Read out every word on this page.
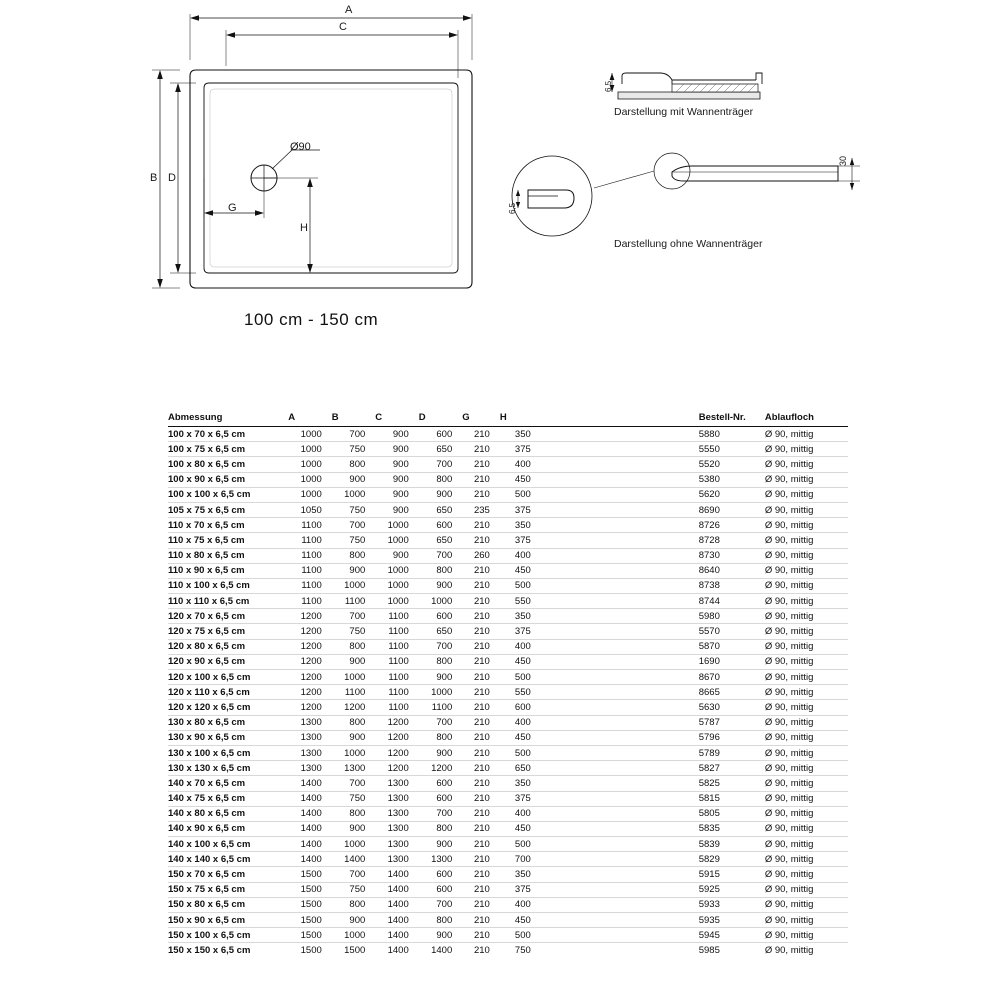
A
C
B D
G
H
Ø90
30
6,5
6,5
Darstellung mit Wannenträger
Darstellung ohne Wannenträger
100 cm - 150 cm
Abmessung	A	B	C	D	G	H		Bestell-Nr.	Ablaufloch
100 x 70 x 6,5 cm	1000	700	900	600	210	350		5880	Ø 90, mittig
100 x 75 x 6,5 cm	1000	750	900	650	210	375		5550	Ø 90, mittig
100 x 80 x 6,5 cm	1000	800	900	700	210	400		5520	Ø 90, mittig
100 x 90 x 6,5 cm	1000	900	900	800	210	450		5380	Ø 90, mittig
100 x 100 x 6,5 cm	1000	1000	900	900	210	500		5620	Ø 90, mittig
105 x 75 x 6,5 cm	1050	750	900	650	235	375		8690	Ø 90, mittig
110 x 70 x 6,5 cm	1100	700	1000	600	210	350		8726	Ø 90, mittig
110 x 75 x 6,5 cm	1100	750	1000	650	210	375		8728	Ø 90, mittig
110 x 80 x 6,5 cm	1100	800	900	700	260	400		8730	Ø 90, mittig
110 x 90 x 6,5 cm	1100	900	1000	800	210	450		8640	Ø 90, mittig
110 x 100 x 6,5 cm	1100	1000	1000	900	210	500		8738	Ø 90, mittig
110 x 110 x 6,5 cm	1100	1100	1000	1000	210	550		8744	Ø 90, mittig
120 x 70 x 6,5 cm	1200	700	1100	600	210	350		5980	Ø 90, mittig
120 x 75 x 6,5 cm	1200	750	1100	650	210	375		5570	Ø 90, mittig
120 x 80 x 6,5 cm	1200	800	1100	700	210	400		5870	Ø 90, mittig
120 x 90 x 6,5 cm	1200	900	1100	800	210	450		1690	Ø 90, mittig
120 x 100 x 6,5 cm	1200	1000	1100	900	210	500		8670	Ø 90, mittig
120 x 110 x 6,5 cm	1200	1100	1100	1000	210	550		8665	Ø 90, mittig
120 x 120 x 6,5 cm	1200	1200	1100	1100	210	600		5630	Ø 90, mittig
130 x 80 x 6,5 cm	1300	800	1200	700	210	400		5787	Ø 90, mittig
130 x 90 x 6,5 cm	1300	900	1200	800	210	450		5796	Ø 90, mittig
130 x 100 x 6,5 cm	1300	1000	1200	900	210	500		5789	Ø 90, mittig
130 x 130 x 6,5 cm	1300	1300	1200	1200	210	650		5827	Ø 90, mittig
140 x 70 x 6,5 cm	1400	700	1300	600	210	350		5825	Ø 90, mittig
140 x 75 x 6,5 cm	1400	750	1300	600	210	375		5815	Ø 90, mittig
140 x 80 x 6,5 cm	1400	800	1300	700	210	400		5805	Ø 90, mittig
140 x 90 x 6,5 cm	1400	900	1300	800	210	450		5835	Ø 90, mittig
140 x 100 x 6,5 cm	1400	1000	1300	900	210	500		5839	Ø 90, mittig
140 x 140 x 6,5 cm	1400	1400	1300	1300	210	700		5829	Ø 90, mittig
150 x 70 x 6,5 cm	1500	700	1400	600	210	350		5915	Ø 90, mittig
150 x 75 x 6,5 cm	1500	750	1400	600	210	375		5925	Ø 90, mittig
150 x 80 x 6,5 cm	1500	800	1400	700	210	400		5933	Ø 90, mittig
150 x 90 x 6,5 cm	1500	900	1400	800	210	450		5935	Ø 90, mittig
150 x 100 x 6,5 cm	1500	1000	1400	900	210	500		5945	Ø 90, mittig
150 x 150 x 6,5 cm	1500	1500	1400	1400	210	750		5985	Ø 90, mittig
